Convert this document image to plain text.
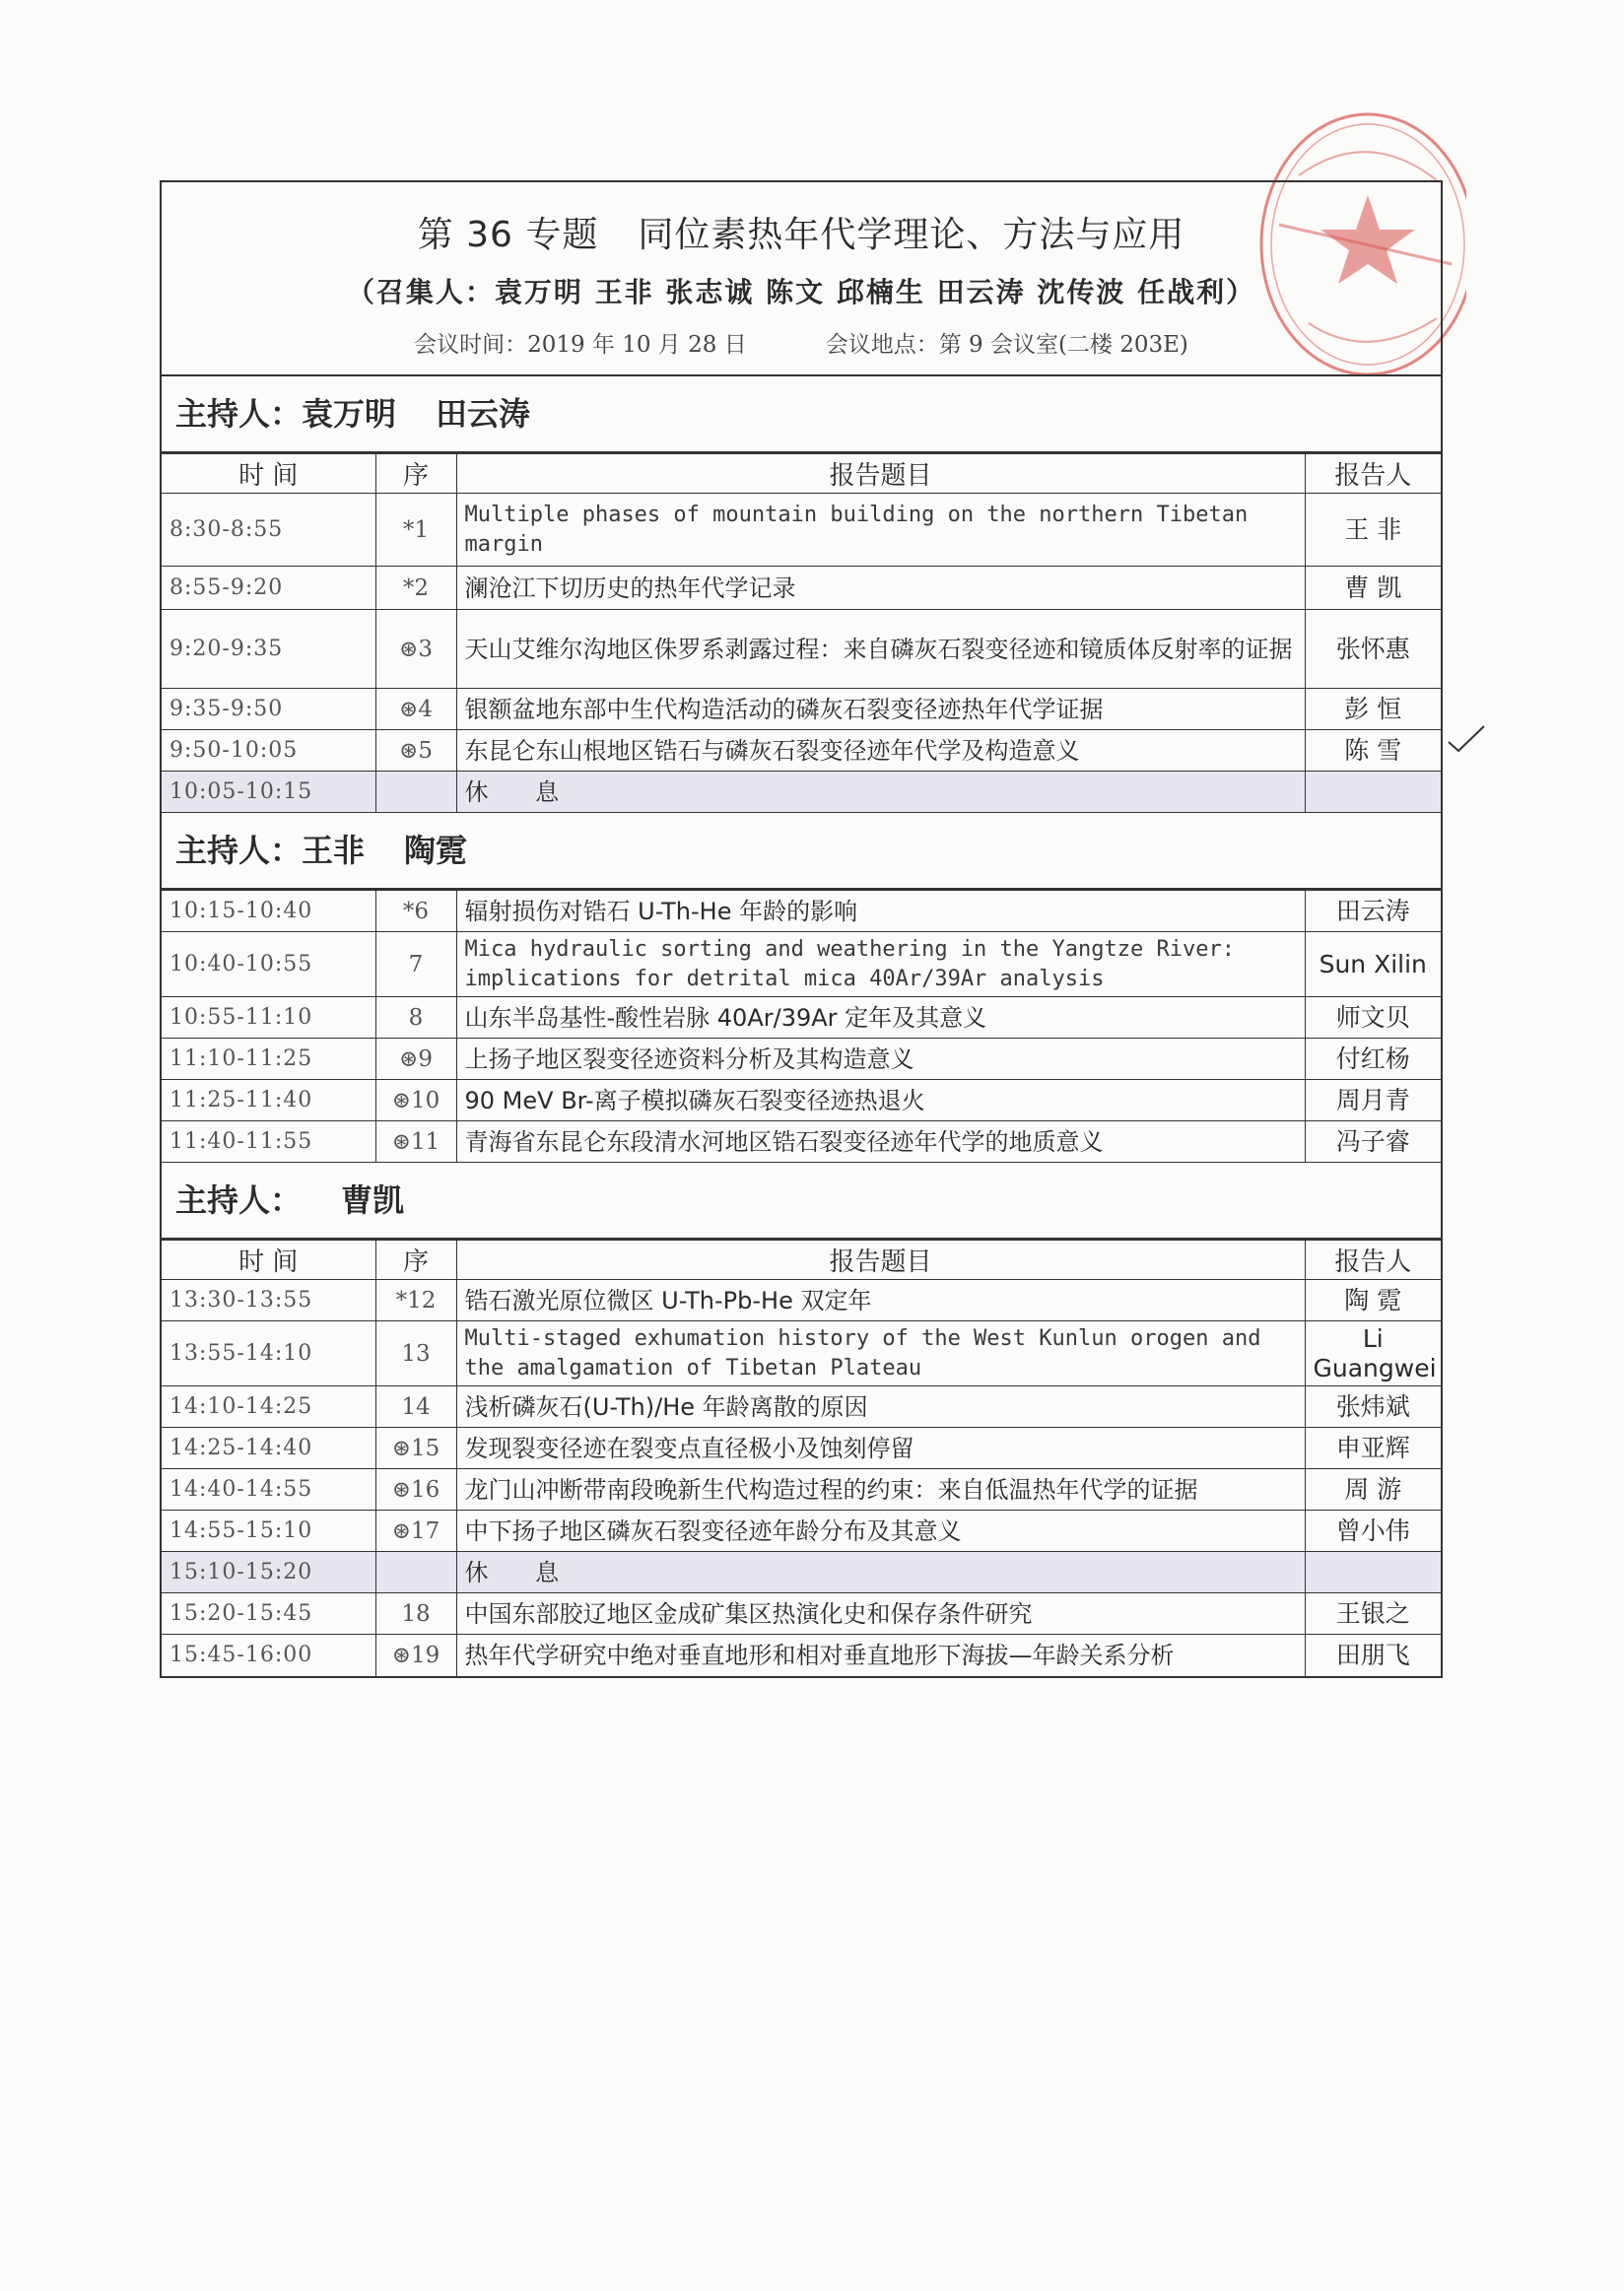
第 36 专题 同位素热年代学理论、方法与应用
（召集人：袁万明 王非 张志诚 陈文 邱楠生 田云涛 沈传波 任战利）
会议时间：2019 年 10 月 28 日	会议地点：第 9 会议室(二楼 203E)
主持人：袁万明 田云涛
时 间	序	报告题目	报告人
8:30-8:55	*1	Multiple phases of mountain building on the northern Tibetan margin	王 非
8:55-9:20	*2	澜沧江下切历史的热年代学记录	曹 凯
9:20-9:35	⊛3	天山艾维尔沟地区侏罗系剥露过程：来自磷灰石裂变径迹和镜质体反射率的证据	张怀惠
9:35-9:50	⊛4	银额盆地东部中生代构造活动的磷灰石裂变径迹热年代学证据	彭 恒
9:50-10:05	⊛5	东昆仑东山根地区锆石与磷灰石裂变径迹年代学及构造意义	陈 雪
10:05-10:15		休 息	
主持人：王非 陶霓
10:15-10:40	*6	辐射损伤对锆石 U-Th-He 年龄的影响	田云涛
10:40-10:55	7	Mica hydraulic sorting and weathering in the Yangtze River: implications for detrital mica 40Ar/39Ar analysis	Sun Xilin
10:55-11:10	8	山东半岛基性-酸性岩脉 40Ar/39Ar 定年及其意义	师文贝
11:10-11:25	⊛9	上扬子地区裂变径迹资料分析及其构造意义	付红杨
11:25-11:40	⊛10	90 MeV Br-离子模拟磷灰石裂变径迹热退火	周月青
11:40-11:55	⊛11	青海省东昆仑东段清水河地区锆石裂变径迹年代学的地质意义	冯子睿
主持人： 曹凯
时 间	序	报告题目	报告人
13:30-13:55	*12	锆石激光原位微区 U-Th-Pb-He 双定年	陶 霓
13:55-14:10	13	Multi-staged exhumation history of the West Kunlun orogen and the amalgamation of Tibetan Plateau	Li Guangwei
14:10-14:25	14	浅析磷灰石(U-Th)/He 年龄离散的原因	张炜斌
14:25-14:40	⊛15	发现裂变径迹在裂变点直径极小及蚀刻停留	申亚辉
14:40-14:55	⊛16	龙门山冲断带南段晚新生代构造过程的约束：来自低温热年代学的证据	周 游
14:55-15:10	⊛17	中下扬子地区磷灰石裂变径迹年龄分布及其意义	曾小伟
15:10-15:20		休 息	
15:20-15:45	18	中国东部胶辽地区金成矿集区热演化史和保存条件研究	王银之
15:45-16:00	⊛19	热年代学研究中绝对垂直地形和相对垂直地形下海拔—年龄关系分析	田朋飞
